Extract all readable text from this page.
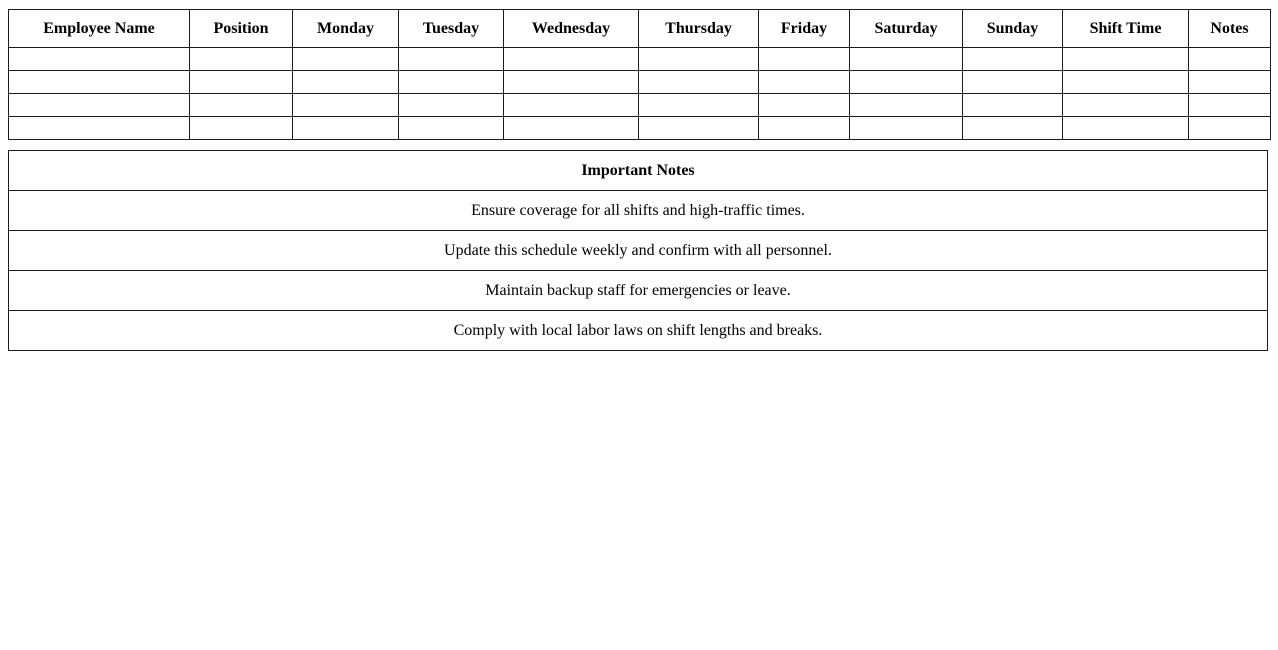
Employee Name	Position	Monday	Tuesday	Wednesday	Thursday	Friday	Saturday	Sunday	Shift Time	Notes

Important Notes
Ensure coverage for all shifts and high-traffic times.
Update this schedule weekly and confirm with all personnel.
Maintain backup staff for emergencies or leave.
Comply with local labor laws on shift lengths and breaks.
